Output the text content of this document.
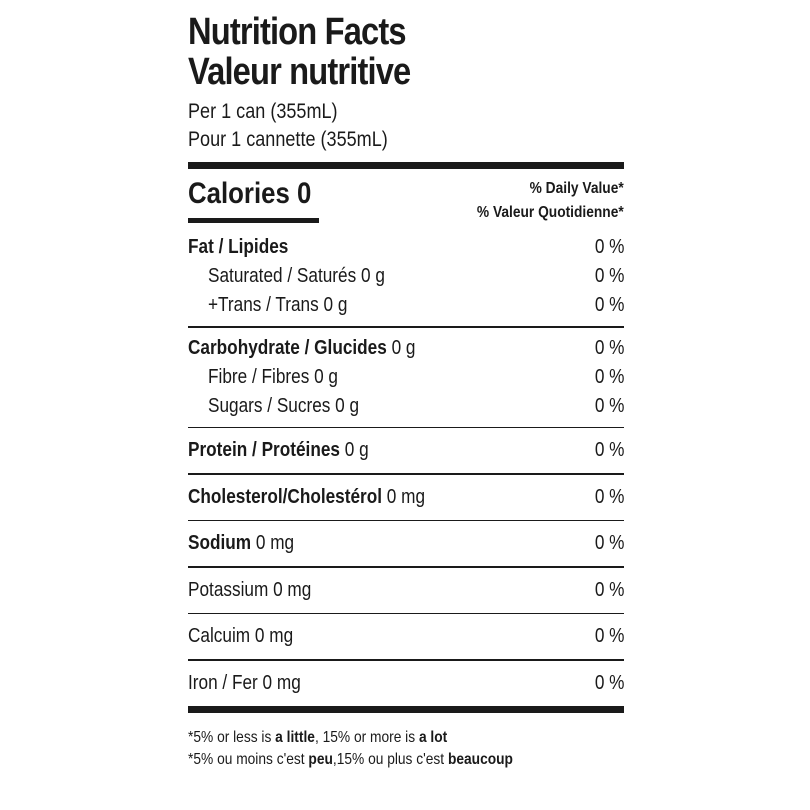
Nutrition Facts
Valeur nutritive
Per 1 can (355mL)
Pour 1 cannette (355mL)
Calories 0	% Daily Value*
% Valeur Quotidienne*
Fat / Lipides	0 %
Saturated / Saturés 0 g	0 %
+Trans / Trans 0 g	0 %
Carbohydrate / Glucides 0 g	0 %
Fibre / Fibres 0 g	0 %
Sugars / Sucres 0 g	0 %
Protein / Protéines 0 g	0 %
Cholesterol/Cholestérol 0 mg	0 %
Sodium 0 mg	0 %
Potassium 0 mg	0 %
Calcuim 0 mg	0 %
Iron / Fer 0 mg	0 %
*5% or less is a little, 15% or more is a lot
*5% ou moins c'est peu,15% ou plus c'est beaucoup
